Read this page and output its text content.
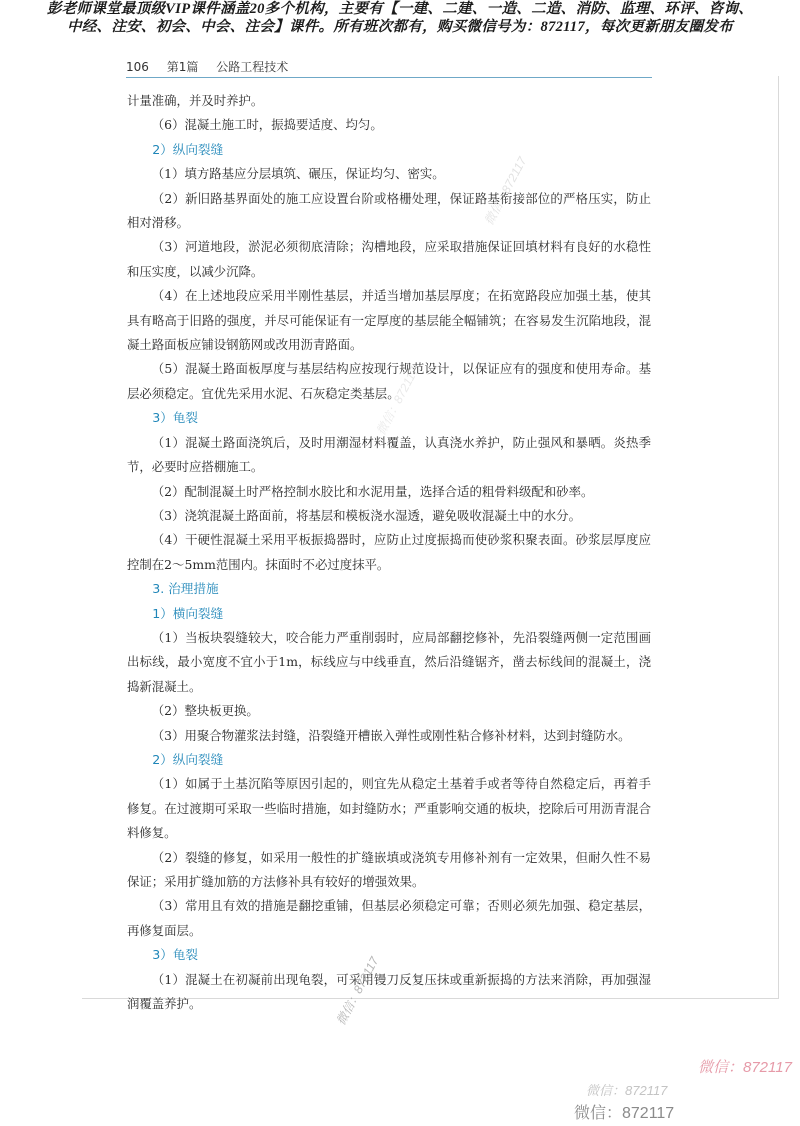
彭老师课堂最顶级VIP课件涵盖20多个机构，主要有【一建、二建、一造、二造、消防、监理、环评、咨询、
中经、注安、初会、中会、注会】课件。所有班次都有，购买微信号为：872117，每次更新朋友圈发布
106 第1篇 公路工程技术

计量准确，并及时养护。

（6）混凝土施工时，振捣要适度、均匀。

2）纵向裂缝

（1）填方路基应分层填筑、碾压，保证均匀、密实。

（2）新旧路基界面处的施工应设置台阶或格栅处理，保证路基衔接部位的严格压实，防止相对滑移。

（3）河道地段，淤泥必须彻底清除；沟槽地段，应采取措施保证回填材料有良好的水稳性和压实度，以减少沉降。

（4）在上述地段应采用半刚性基层，并适当增加基层厚度；在拓宽路段应加强土基，使其具有略高于旧路的强度，并尽可能保证有一定厚度的基层能全幅铺筑；在容易发生沉陷地段，混凝土路面板应铺设钢筋网或改用沥青路面。

（5）混凝土路面板厚度与基层结构应按现行规范设计，以保证应有的强度和使用寿命。基层必须稳定。宜优先采用水泥、石灰稳定类基层。

3）龟裂

（1）混凝土路面浇筑后，及时用潮湿材料覆盖，认真浇水养护，防止强风和暴晒。炎热季节，必要时应搭棚施工。

（2）配制混凝土时严格控制水胶比和水泥用量，选择合适的粗骨料级配和砂率。

（3）浇筑混凝土路面前，将基层和模板浇水湿透，避免吸收混凝土中的水分。

（4）干硬性混凝土采用平板振捣器时，应防止过度振捣而使砂浆积聚表面。砂浆层厚度应控制在2～5mm范围内。抹面时不必过度抹平。

3. 治理措施
1）横向裂缝

（1）当板块裂缝较大，咬合能力严重削弱时，应局部翻挖修补，先沿裂缝两侧一定范围画出标线，最小宽度不宜小于1m，标线应与中线垂直，然后沿缝锯齐，凿去标线间的混凝土，浇捣新混凝土。

（2）整块板更换。

（3）用聚合物灌浆法封缝，沿裂缝开槽嵌入弹性或刚性粘合修补材料，达到封缝防水。

2）纵向裂缝

（1）如属于土基沉陷等原因引起的，则宜先从稳定土基着手或者等待自然稳定后，再着手修复。在过渡期可采取一些临时措施，如封缝防水；严重影响交通的板块，挖除后可用沥青混合料修复。

（2）裂缝的修复，如采用一般性的扩缝嵌填或浇筑专用修补剂有一定效果，但耐久性不易保证；采用扩缝加筋的方法修补具有较好的增强效果。

（3）常用且有效的措施是翻挖重铺，但基层必须稳定可靠；否则必须先加强、稳定基层，再修复面层。

3）龟裂

（1）混凝土在初凝前出现龟裂，可采用镘刀反复压抹或重新振捣的方法来消除，再加强湿润覆盖养护。

微信：872117
微信：872117
微信：872117
微信：872117
微信：872117
微信：872117
